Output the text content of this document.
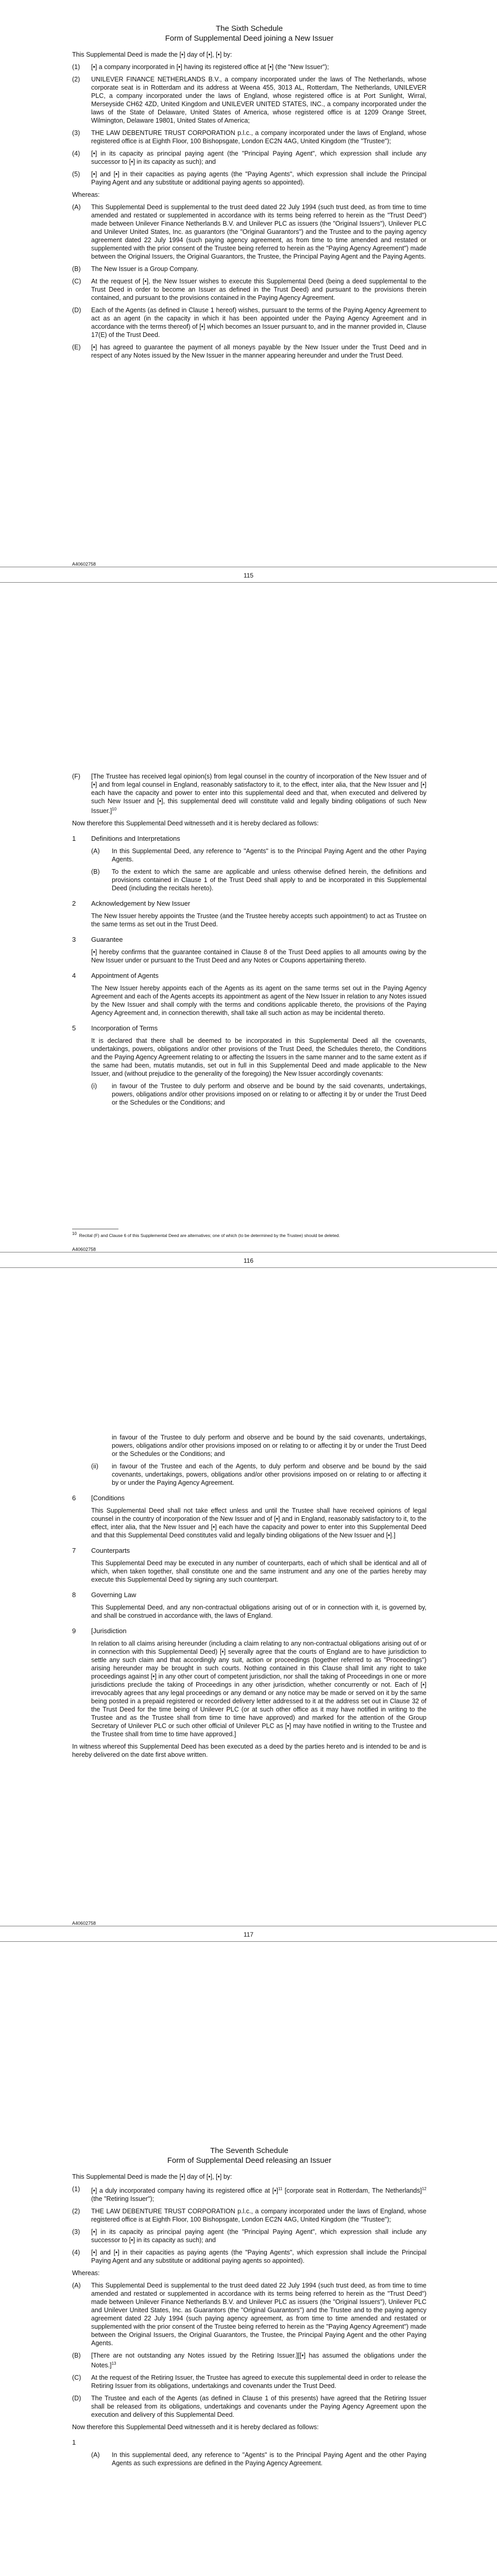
The Sixth Schedule
Form of Supplemental Deed joining a New Issuer

This Supplemental Deed is made the [•] day of [•], [•] by:

(1)	[•] a company incorporated in [•] having its registered office at [•] (the "New Issuer");
(2)	UNILEVER FINANCE NETHERLANDS B.V., a company incorporated under the laws of The Netherlands, whose corporate seat is in Rotterdam and its address at Weena 455, 3013 AL, Rotterdam, The Netherlands, UNILEVER PLC, a company incorporated under the laws of England, whose registered office is at Port Sunlight, Wirral, Merseyside CH62 4ZD, United Kingdom and UNILEVER UNITED STATES, INC., a company incorporated under the laws of the State of Delaware, United States of America, whose registered office is at 1209 Orange Street, Wilmington, Delaware 19801, United States of America;
(3)	THE LAW DEBENTURE TRUST CORPORATION p.l.c., a company incorporated under the laws of England, whose registered office is at Eighth Floor, 100 Bishopsgate, London EC2N 4AG, United Kingdom (the "Trustee");
(4)	[•] in its capacity as principal paying agent (the "Principal Paying Agent", which expression shall include any successor to [•] in its capacity as such); and
(5)	[•] and [•] in their capacities as paying agents (the "Paying Agents", which expression shall include the Principal Paying Agent and any substitute or additional paying agents so appointed).

Whereas:

(A)	This Supplemental Deed is supplemental to the trust deed dated 22 July 1994 (such trust deed, as from time to time amended and restated or supplemented in accordance with its terms being referred to herein as the "Trust Deed") made between Unilever Finance Netherlands B.V. and Unilever PLC as issuers (the "Original Issuers"), Unilever PLC and Unilever United States, Inc. as guarantors (the "Original Guarantors") and the Trustee and to the paying agency agreement dated 22 July 1994 (such paying agency agreement, as from time to time amended and restated or supplemented with the prior consent of the Trustee being referred to herein as the "Paying Agency Agreement") made between the Original Issuers, the Original Guarantors, the Trustee, the Principal Paying Agent and the Paying Agents.
(B)	The New Issuer is a Group Company.
(C)	At the request of [•], the New Issuer wishes to execute this Supplemental Deed (being a deed supplemental to the Trust Deed in order to become an Issuer as defined in the Trust Deed) and pursuant to the provisions therein contained, and pursuant to the provisions contained in the Paying Agency Agreement.
(D)	Each of the Agents (as defined in Clause 1 hereof) wishes, pursuant to the terms of the Paying Agency Agreement to act as an agent (in the capacity in which it has been appointed under the Paying Agency Agreement and in accordance with the terms thereof) of [•] which becomes an Issuer pursuant to, and in the manner provided in, Clause 17(E) of the Trust Deed.
(E)	[•] has agreed to guarantee the payment of all moneys payable by the New Issuer under the Trust Deed and in respect of any Notes issued by the New Issuer in the manner appearing hereunder and under the Trust Deed.
A40602758
115
(F)	[The Trustee has received legal opinion(s) from legal counsel in the country of incorporation of the New Issuer and of [•] and from legal counsel in England, reasonably satisfactory to it, to the effect, inter alia, that the New Issuer and [•] each have the capacity and power to enter into this supplemental deed and that, when executed and delivered by such New Issuer and [•], this supplemental deed will constitute valid and legally binding obligations of such New Issuer.]$^{10}$

Now therefore this Supplemental Deed witnesseth and it is hereby declared as follows:

1	Definitions and Interpretations
(A)	In this Supplemental Deed, any reference to "Agents" is to the Principal Paying Agent and the other Paying Agents.
(B)	To the extent to which the same are applicable and unless otherwise defined herein, the definitions and provisions contained in Clause 1 of the Trust Deed shall apply to and be incorporated in this Supplemental Deed (including the recitals hereto).
2	Acknowledgement by New Issuer

The New Issuer hereby appoints the Trustee (and the Trustee hereby accepts such appointment) to act as Trustee on the same terms as set out in the Trust Deed.

3	Guarantee

[•] hereby confirms that the guarantee contained in Clause 8 of the Trust Deed applies to all amounts owing by the New Issuer under or pursuant to the Trust Deed and any Notes or Coupons appertaining thereto.

4	Appointment of Agents

The New Issuer hereby appoints each of the Agents as its agent on the same terms set out in the Paying Agency Agreement and each of the Agents accepts its appointment as agent of the New Issuer in relation to any Notes issued by the New Issuer and shall comply with the terms and conditions applicable thereto, the provisions of the Paying Agency Agreement and, in connection therewith, shall take all such action as may be incidental thereto.

5	Incorporation of Terms

It is declared that there shall be deemed to be incorporated in this Supplemental Deed all the covenants, undertakings, powers, obligations and/or other provisions of the Trust Deed, the Schedules thereto, the Conditions and the Paying Agency Agreement relating to or affecting the Issuers in the same manner and to the same extent as if the same had been, mutatis mutandis, set out in full in this Supplemental Deed and made applicable to the New Issuer, and (without prejudice to the generality of the foregoing) the New Issuer accordingly covenants:

(i)	in favour of the Trustee to duly perform and observe and be bound by the said covenants, undertakings, powers, obligations and/or other provisions imposed on or relating to or affecting it by or under the Trust Deed or the Schedules or the Conditions; and
$^{10}$ Recital (F) and Clause 6 of this Supplemental Deed are alternatives; one of which (to be determined by the Trustee) should be deleted.
A40602758
116

in favour of the Trustee to duly perform and observe and be bound by the said covenants, undertakings, powers, obligations and/or other provisions imposed on or relating to or affecting it by or under the Trust Deed or the Schedules or the Conditions; and

(ii)	in favour of the Trustee and each of the Agents, to duly perform and observe and be bound by the said covenants, undertakings, powers, obligations and/or other provisions imposed on or relating to or affecting it by or under the Paying Agency Agreement.
6	[Conditions

This Supplemental Deed shall not take effect unless and until the Trustee shall have received opinions of legal counsel in the country of incorporation of the New Issuer and of [•] and in England, reasonably satisfactory to it, to the effect, inter alia, that the New Issuer and [•] each have the capacity and power to enter into this Supplemental Deed and that this Supplemental Deed constitutes valid and legally binding obligations of the New Issuer and [•].]

7	Counterparts

This Supplemental Deed may be executed in any number of counterparts, each of which shall be identical and all of which, when taken together, shall constitute one and the same instrument and any one of the parties hereby may execute this Supplemental Deed by signing any such counterpart.

8	Governing Law

This Supplemental Deed, and any non-contractual obligations arising out of or in connection with it, is governed by, and shall be construed in accordance with, the laws of England.

9	[Jurisdiction

In relation to all claims arising hereunder (including a claim relating to any non-contractual obligations arising out of or in connection with this Supplemental Deed) [•] severally agree that the courts of England are to have jurisdiction to settle any such claim and that accordingly any suit, action or proceedings (together referred to as "Proceedings") arising hereunder may be brought in such courts. Nothing contained in this Clause shall limit any right to take proceedings against [•] in any other court of competent jurisdiction, nor shall the taking of Proceedings in one or more jurisdictions preclude the taking of Proceedings in any other jurisdiction, whether concurrently or not. Each of [•] irrevocably agrees that any legal proceedings or any demand or any notice may be made or served on it by the same being posted in a prepaid registered or recorded delivery letter addressed to it at the address set out in Clause 32 of the Trust Deed for the time being of Unilever PLC (or at such other office as it may have notified in writing to the Trustee and as the Trustee shall from time to time have approved) and marked for the attention of the Group Secretary of Unilever PLC or such other official of Unilever PLC as [•] may have notified in writing to the Trustee and the Trustee shall from time to time have approved.]

In witness whereof this Supplemental Deed has been executed as a deed by the parties hereto and is intended to be and is hereby delivered on the date first above written.

A40602758
117
The Seventh Schedule
Form of Supplemental Deed releasing an Issuer

This Supplemental Deed is made the [•] day of [•], [•] by:

(1)	[•] a duly incorporated company having its registered office at [•]$^{11}$ [corporate seat in Rotterdam, The Netherlands]$^{12}$ (the "Retiring Issuer");
(2)	THE LAW DEBENTURE TRUST CORPORATION p.l.c., a company incorporated under the laws of England, whose registered office is at Eighth Floor, 100 Bishopsgate, London EC2N 4AG, United Kingdom (the "Trustee");
(3)	[•] in its capacity as principal paying agent (the "Principal Paying Agent", which expression shall include any successor to [•] in its capacity as such); and
(4)	[•] and [•] in their capacities as paying agents (the "Paying Agents", which expression shall include the Principal Paying Agent and any substitute or additional paying agents so appointed).

Whereas:

(A)	This Supplemental Deed is supplemental to the trust deed dated 22 July 1994 (such trust deed, as from time to time amended and restated or supplemented in accordance with its terms being referred to herein as the "Trust Deed") made between Unilever Finance Netherlands B.V. and Unilever PLC as issuers (the "Original Issuers"), Unilever PLC and Unilever United States, Inc. as Guarantors (the "Original Guarantors") and the Trustee and to the paying agency agreement dated 22 July 1994 (such paying agency agreement, as from time to time amended and restated or supplemented with the prior consent of the Trustee being referred to herein as the "Paying Agency Agreement") made between the Original Issuers, the Original Guarantors, the Trustee, the Principal Paying Agent and the other Paying Agents.
(B)	[There are not outstanding any Notes issued by the Retiring Issuer.][[•] has assumed the obligations under the Notes.]$^{13}$
(C)	At the request of the Retiring Issuer, the Trustee has agreed to execute this supplemental deed in order to release the Retiring Issuer from its obligations, undertakings and covenants under the Trust Deed.
(D)	The Trustee and each of the Agents (as defined in Clause 1 of this presents) have agreed that the Retiring Issuer shall be released from its obligations, undertakings and covenants under the Paying Agency Agreement upon the execution and delivery of this Supplemental Deed.

Now therefore this Supplemental Deed witnesseth and it is hereby declared as follows:

1
(A)	In this supplemental deed, any reference to "Agents" is to the Principal Paying Agent and the other Paying Agents as such expressions are defined in the Paying Agency Agreement.
